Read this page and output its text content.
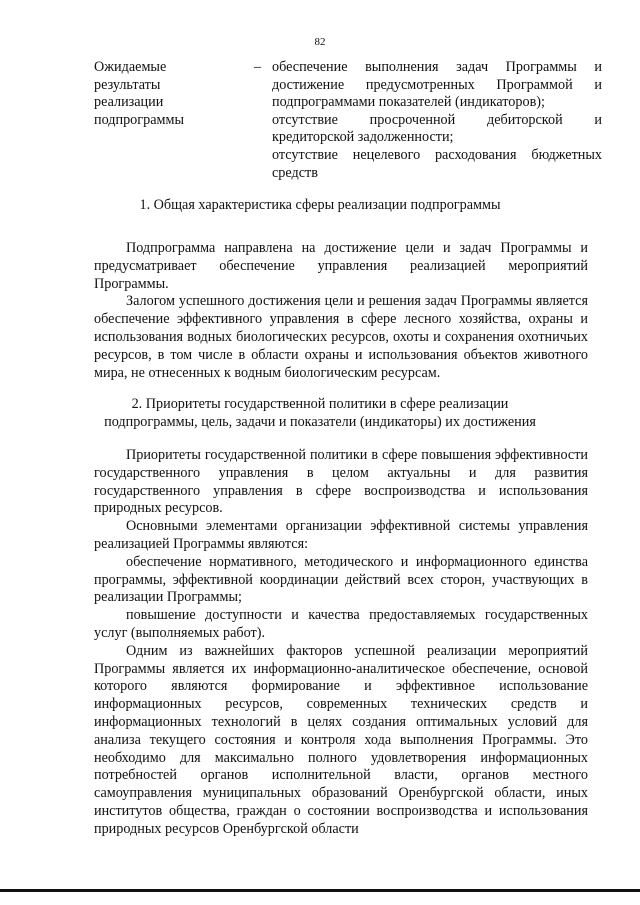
82
Ожидаемые
результаты
реализации
подпрограммы
– обеспечение выполнения задач Программы и достижение предусмотренных Программой и подпрограммами показателей (индикаторов);

отсутствие просроченной дебиторской и кредиторской задолженности;

отсутствие нецелевого расходования бюджетных средств

1. Общая характеристика сферы реализации подпрограммы

Подпрограмма направлена на достижение цели и задач Программы и предусматривает обеспечение управления реализацией мероприятий Программы.

Залогом успешного достижения цели и решения задач Программы является обеспечение эффективного управления в сфере лесного хозяйства, охраны и использования водных биологических ресурсов, охоты и сохранения охотничьих ресурсов, в том числе в области охраны и использования объектов животного мира, не отнесенных к водным биологическим ресурсам.

2. Приоритеты государственной политики в сфере реализации
подпрограммы, цель, задачи и показатели (индикаторы) их достижения

Приоритеты государственной политики в сфере повышения эффективности государственного управления в целом актуальны и для развития государственного управления в сфере воспроизводства и использования природных ресурсов.

Основными элементами организации эффективной системы управления реализацией Программы являются:

обеспечение нормативного, методического и информационного единства программы, эффективной координации действий всех сторон, участвующих в реализации Программы;

повышение доступности и качества предоставляемых государственных услуг (выполняемых работ).

Одним из важнейших факторов успешной реализации мероприятий Программы является их информационно-аналитическое обеспечение, основой которого являются формирование и эффективное использование информационных ресурсов, современных технических средств и информационных технологий в целях создания оптимальных условий для анализа текущего состояния и контроля хода выполнения Программы. Это необходимо для максимально полного удовлетворения информационных потребностей органов исполнительной власти, органов местного самоуправления муниципальных образований Оренбургской области, иных институтов общества, граждан о состоянии воспроизводства и использования природных ресурсов Оренбургской области
